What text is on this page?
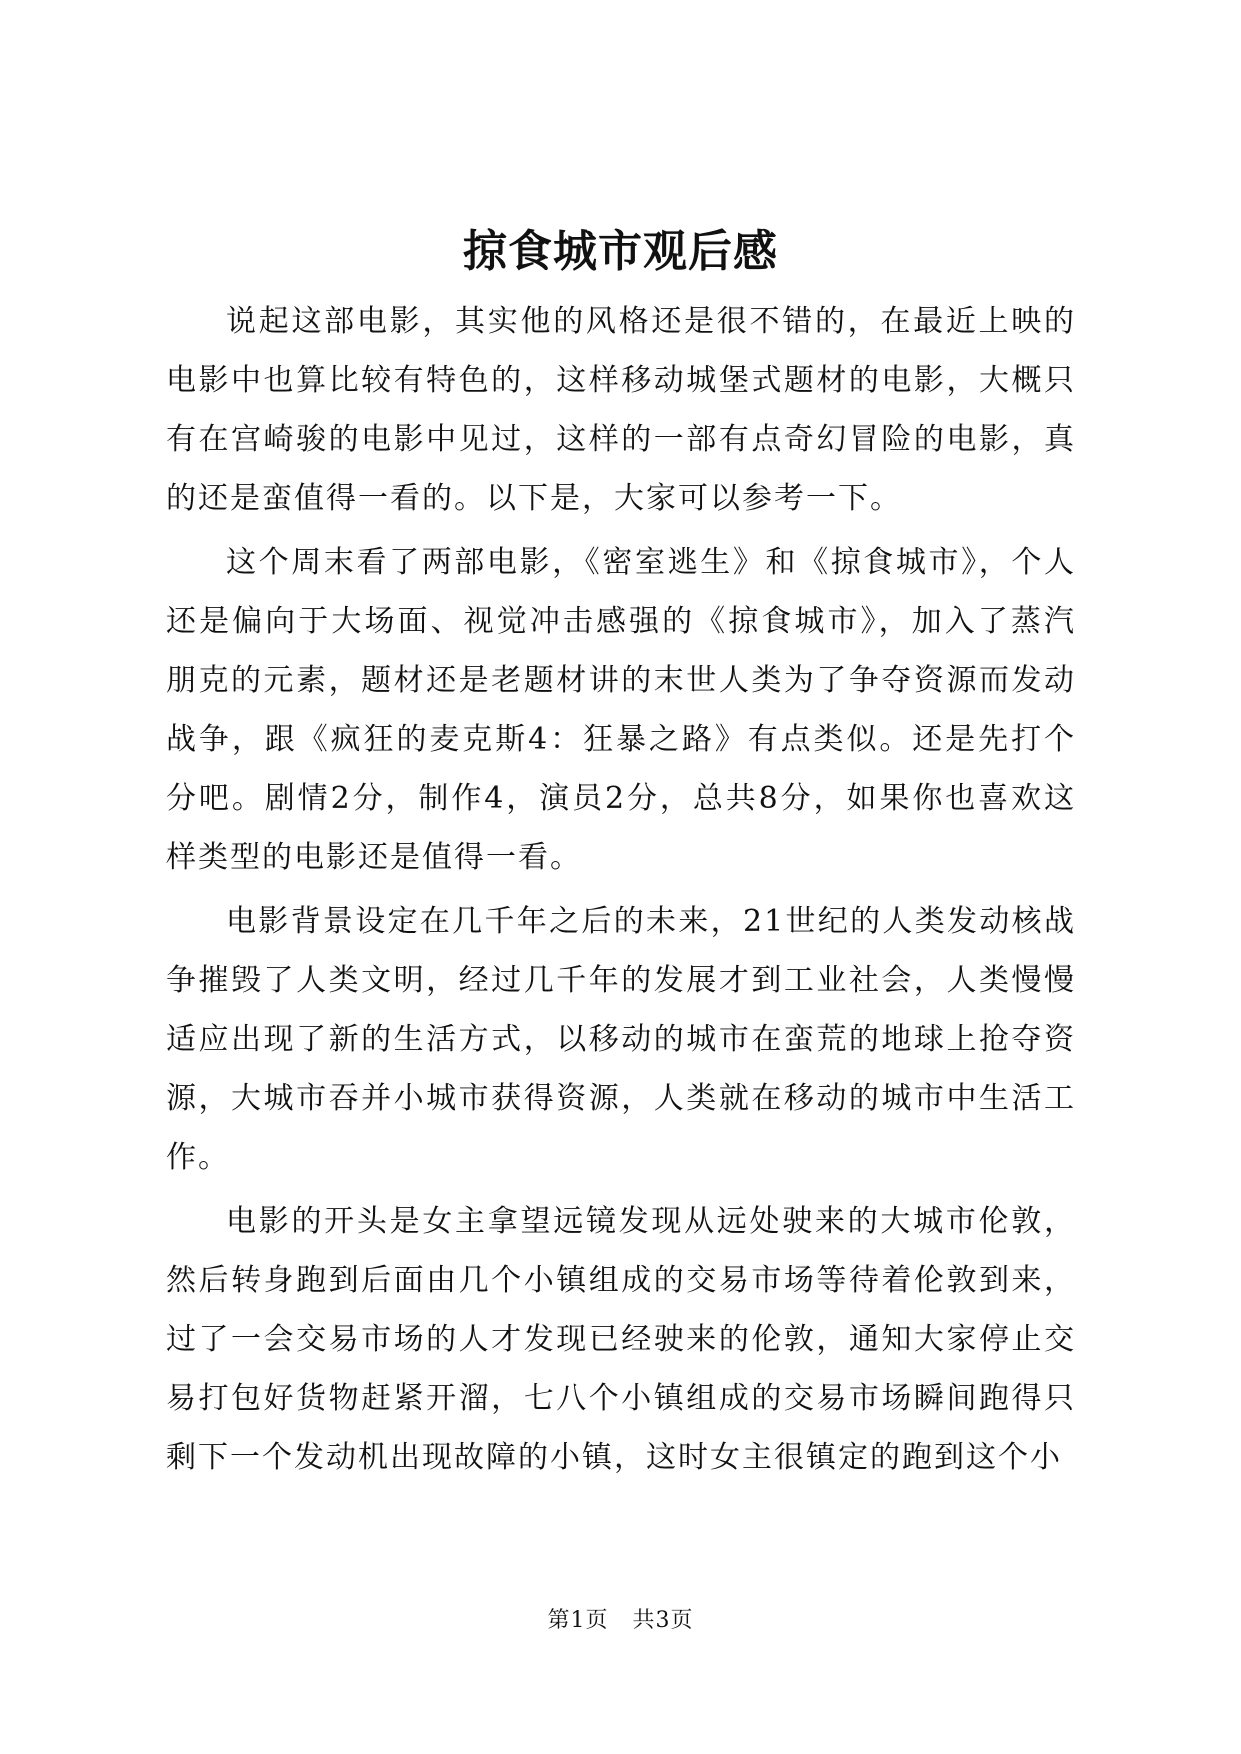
掠食城市观后感

说起这部电影，其实他的风格还是很不错的，在最近上映的电影中也算比较有特色的，这样移动城堡式题材的电影，大概只有在宫崎骏的电影中见过，这样的一部有点奇幻冒险的电影，真的还是蛮值得一看的。以下是，大家可以参考一下。

这个周末看了两部电影，《密室逃生》和《掠食城市》，个人还是偏向于大场面、视觉冲击感强的《掠食城市》，加入了蒸汽朋克的元素，题材还是老题材讲的末世人类为了争夺资源而发动战争，跟《疯狂的麦克斯4：狂暴之路》有点类似。还是先打个分吧。剧情2分，制作4，演员2分，总共8分，如果你也喜欢这样类型的电影还是值得一看。

电影背景设定在几千年之后的未来，21世纪的人类发动核战争摧毁了人类文明，经过几千年的发展才到工业社会，人类慢慢适应出现了新的生活方式，以移动的城市在蛮荒的地球上抢夺资源，大城市吞并小城市获得资源，人类就在移动的城市中生活工作。

电影的开头是女主拿望远镜发现从远处驶来的大城市伦敦，然后转身跑到后面由几个小镇组成的交易市场等待着伦敦到来，过了一会交易市场的人才发现已经驶来的伦敦，通知大家停止交易打包好货物赶紧开溜，七八个小镇组成的交易市场瞬间跑得只剩下一个发动机出现故障的小镇，这时女主很镇定的跑到这个小

第1页 共3页
